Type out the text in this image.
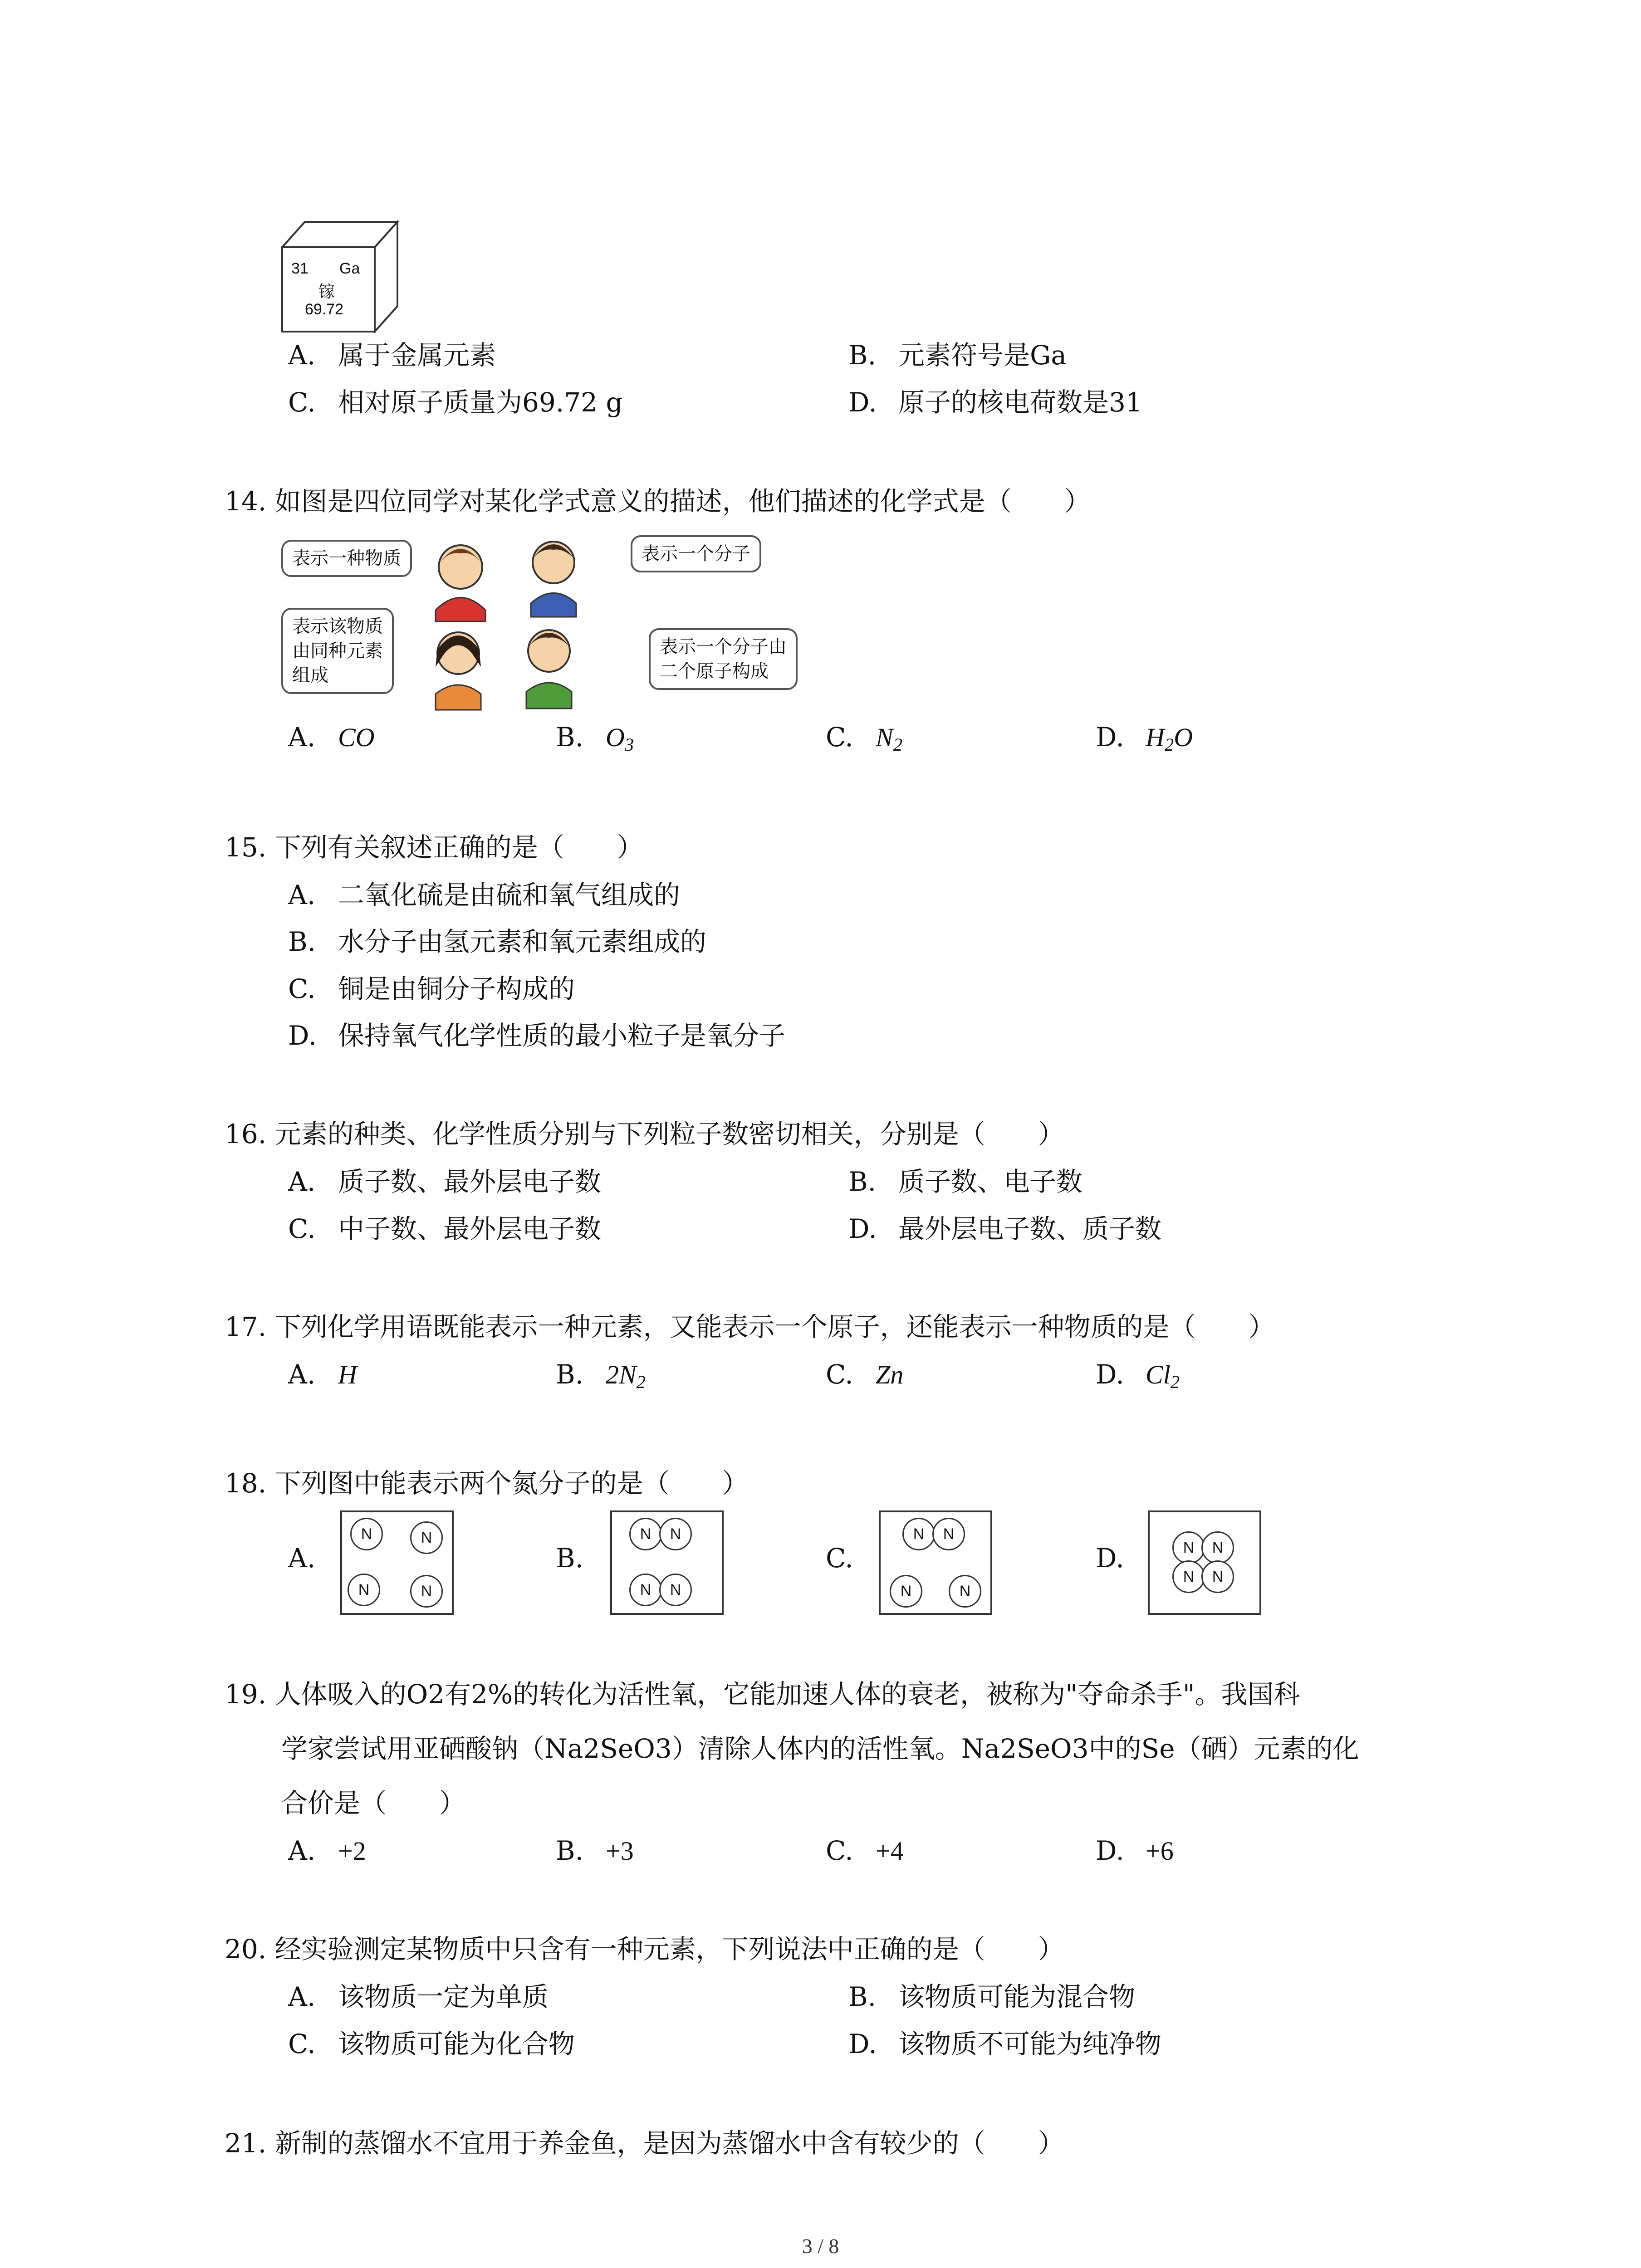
31 Ga
镓
69.72
A. 属于金属元素	B. 元素符号是Ga
C. 相对原子质量为69.72 g	D. 原子的核电荷数是31
14. 如图是四位同学对某化学式意义的描述，他们描述的化学式是（　　）
表示一种物质	表示一个分子
表示该物质
由同种元素
组成
表示一个分子由
二个原子构成
A. CO	B. $O_3$	C. $N_2$	D. $H_2O$
15. 下列有关叙述正确的是（　　）
A. 二氧化硫是由硫和氧气组成的
B. 水分子由氢元素和氧元素组成的
C. 铜是由铜分子构成的
D. 保持氧气化学性质的最小粒子是氧分子
16. 元素的种类、化学性质分别与下列粒子数密切相关，分别是（　　）
A. 质子数、最外层电子数	B. 质子数、电子数
C. 中子数、最外层电子数	D. 最外层电子数、质子数
17. 下列化学用语既能表示一种元素，又能表示一个原子，还能表示一种物质的是（　　）
A. H	B. $2N_2$	C. Zn	D. $Cl_2$
18. 下列图中能表示两个氮分子的是（　　）
A.
N	N
N	N
B.
N	N
N	N
C.
N	N
N	N
D.	N	N
N	N
19. 人体吸入的O2有2%的转化为活性氧，它能加速人体的衰老，被称为"夺命杀手"。我国科
学家尝试用亚硒酸钠（Na2SeO3）清除人体内的活性氧。Na2SeO3中的Se（硒）元素的化
合价是（　　）
A. +2	B. +3	C. +4	D. +6
20. 经实验测定某物质中只含有一种元素，下列说法中正确的是（　　）
A. 该物质一定为单质	B. 该物质可能为混合物
C. 该物质可能为化合物	D. 该物质不可能为纯净物
21. 新制的蒸馏水不宜用于养金鱼，是因为蒸馏水中含有较少的（　　）
3 / 8
